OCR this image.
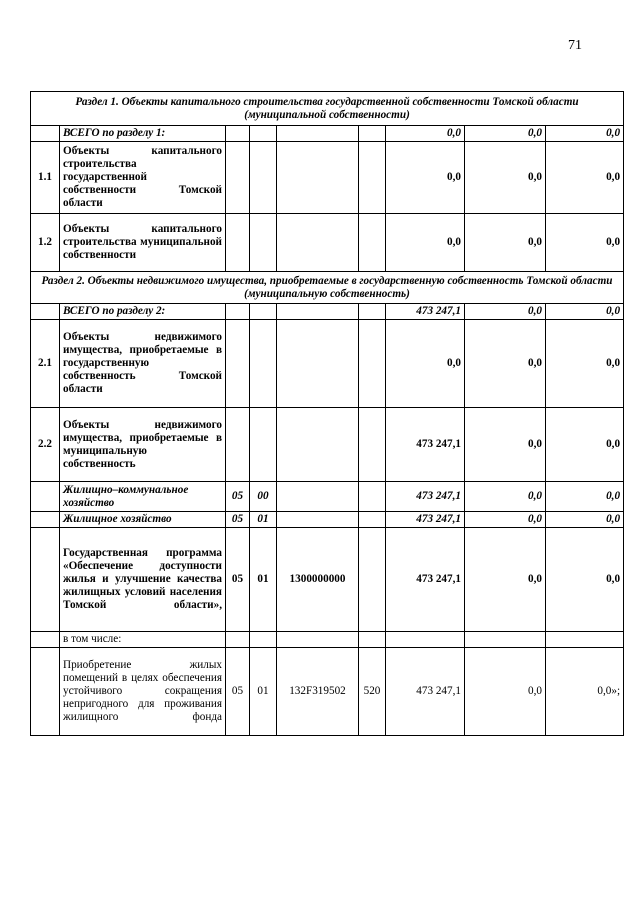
71
Раздел 1. Объекты капитального строительства государственной собственности Томской области (муниципальной собственности)								
	ВСЕГО по разделу 1:					0,0	0,0	0,0
1.1	Объекты капитального строительства государственной собственности Томской области					0,0	0,0	0,0
1.2	Объекты капитального строительства муниципальной собственности					0,0	0,0	0,0
Раздел 2. Объекты недвижимого имущества, приобретаемые в государственную собственность Томской области (муниципальную собственность)								
	ВСЕГО по разделу 2:					473 247,1	0,0	0,0
2.1	Объекты недвижимого имущества, приобретаемые в государственную собственность Томской области					0,0	0,0	0,0
2.2	Объекты недвижимого имущества, приобретаемые в муниципальную собственность					473 247,1	0,0	0,0
	Жилищно–коммунальное хозяйство	05	00			473 247,1	0,0	0,0
	Жилищное хозяйство	05	01			473 247,1	0,0	0,0
	Государственная программа «Обеспечение доступности жилья и улучшение качества жилищных условий населения Томской области»,	05	01	1300000000		473 247,1	0,0	0,0
	в том числе:							
	Приобретение жилых помещений в целях обеспечения устойчивого сокращения непригодного для проживания жилищного фонда	05	01	132F319502	520	473 247,1	0,0	0,0»;
